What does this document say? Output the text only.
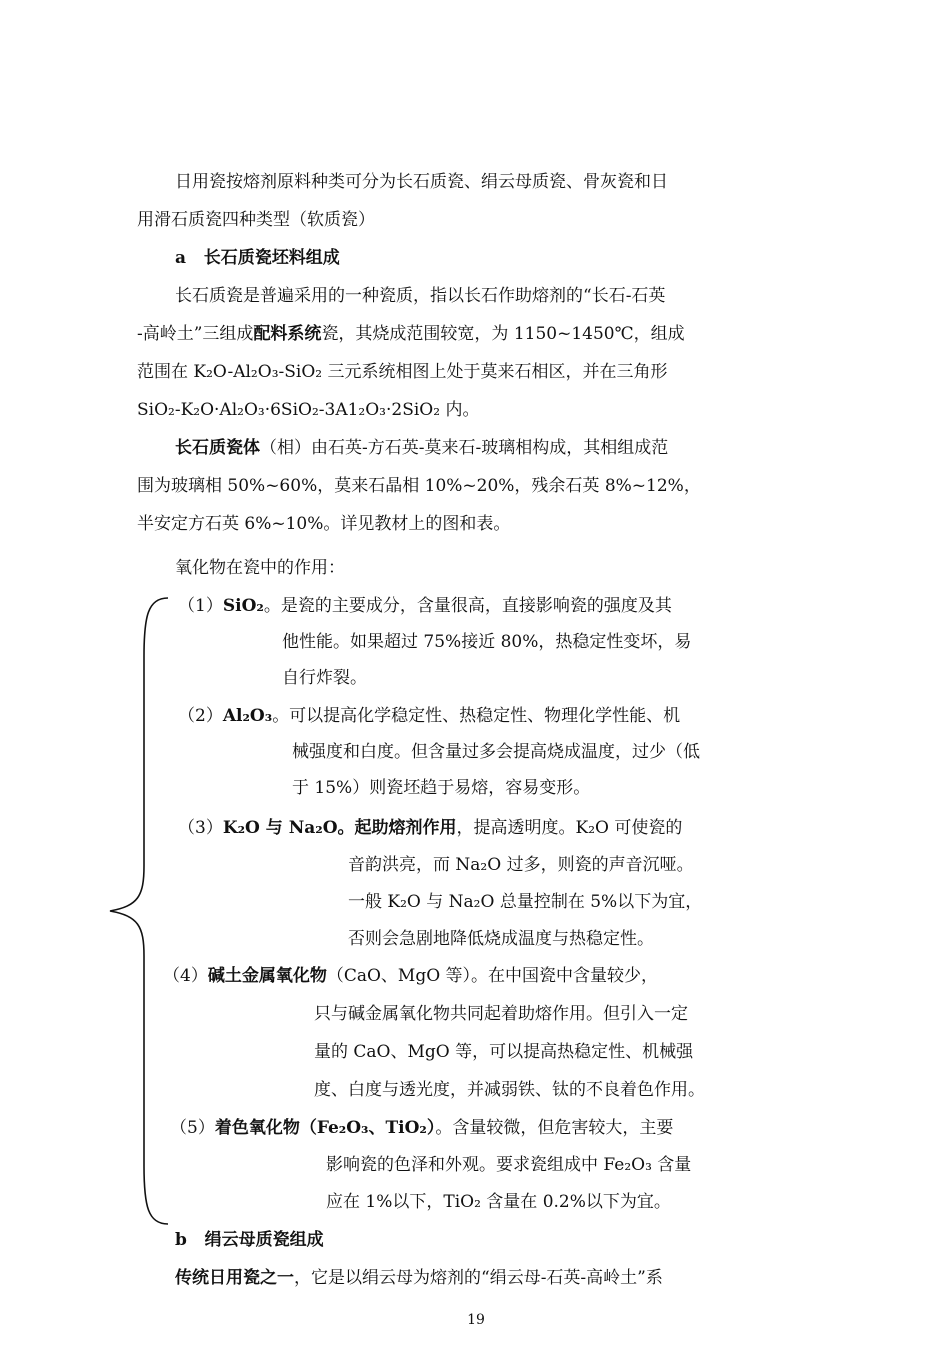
日用瓷按熔剂原料种类可分为长石质瓷、绢云母质瓷、骨灰瓷和日
用滑石质瓷四种类型（软质瓷）
a 长石质瓷坯料组成
长石质瓷是普遍采用的一种瓷质，指以长石作助熔剂的“长石-石英
-高岭土”三组成配料系统瓷，其烧成范围较宽，为 1150~1450℃，组成
范围在 K₂O-Al₂O₃-SiO₂ 三元系统相图上处于莫来石相区，并在三角形
SiO₂-K₂O·Al₂O₃·6SiO₂-3A1₂O₃·2SiO₂ 内。
长石质瓷体（相）由石英-方石英-莫来石-玻璃相构成，其相组成范
围为玻璃相 50%~60%，莫来石晶相 10%~20%，残余石英 8%~12%，
半安定方石英 6%~10%。详见教材上的图和表。
氧化物在瓷中的作用：
（1）SiO₂。是瓷的主要成分，含量很高，直接影响瓷的强度及其
他性能。如果超过 75%接近 80%，热稳定性变坏，易
自行炸裂。
（2）Al₂O₃。可以提高化学稳定性、热稳定性、物理化学性能、机
械强度和白度。但含量过多会提高烧成温度，过少（低
于 15%）则瓷坯趋于易熔，容易变形。
（3）K₂O 与 Na₂O。起助熔剂作用，提高透明度。K₂O 可使瓷的
音韵洪亮，而 Na₂O 过多，则瓷的声音沉哑。
一般 K₂O 与 Na₂O 总量控制在 5%以下为宜，
否则会急剧地降低烧成温度与热稳定性。
（4）碱土金属氧化物（CaO、MgO 等）。在中国瓷中含量较少，
只与碱金属氧化物共同起着助熔作用。但引入一定
量的 CaO、MgO 等，可以提高热稳定性、机械强
度、白度与透光度，并减弱铁、钛的不良着色作用。
（5）着色氧化物（Fe₂O₃、TiO₂）。含量较微，但危害较大，主要
影响瓷的色泽和外观。要求瓷组成中 Fe₂O₃ 含量
应在 1%以下，TiO₂ 含量在 0.2%以下为宜。
b 绢云母质瓷组成
传统日用瓷之一，它是以绢云母为熔剂的“绢云母-石英-高岭土”系
19
